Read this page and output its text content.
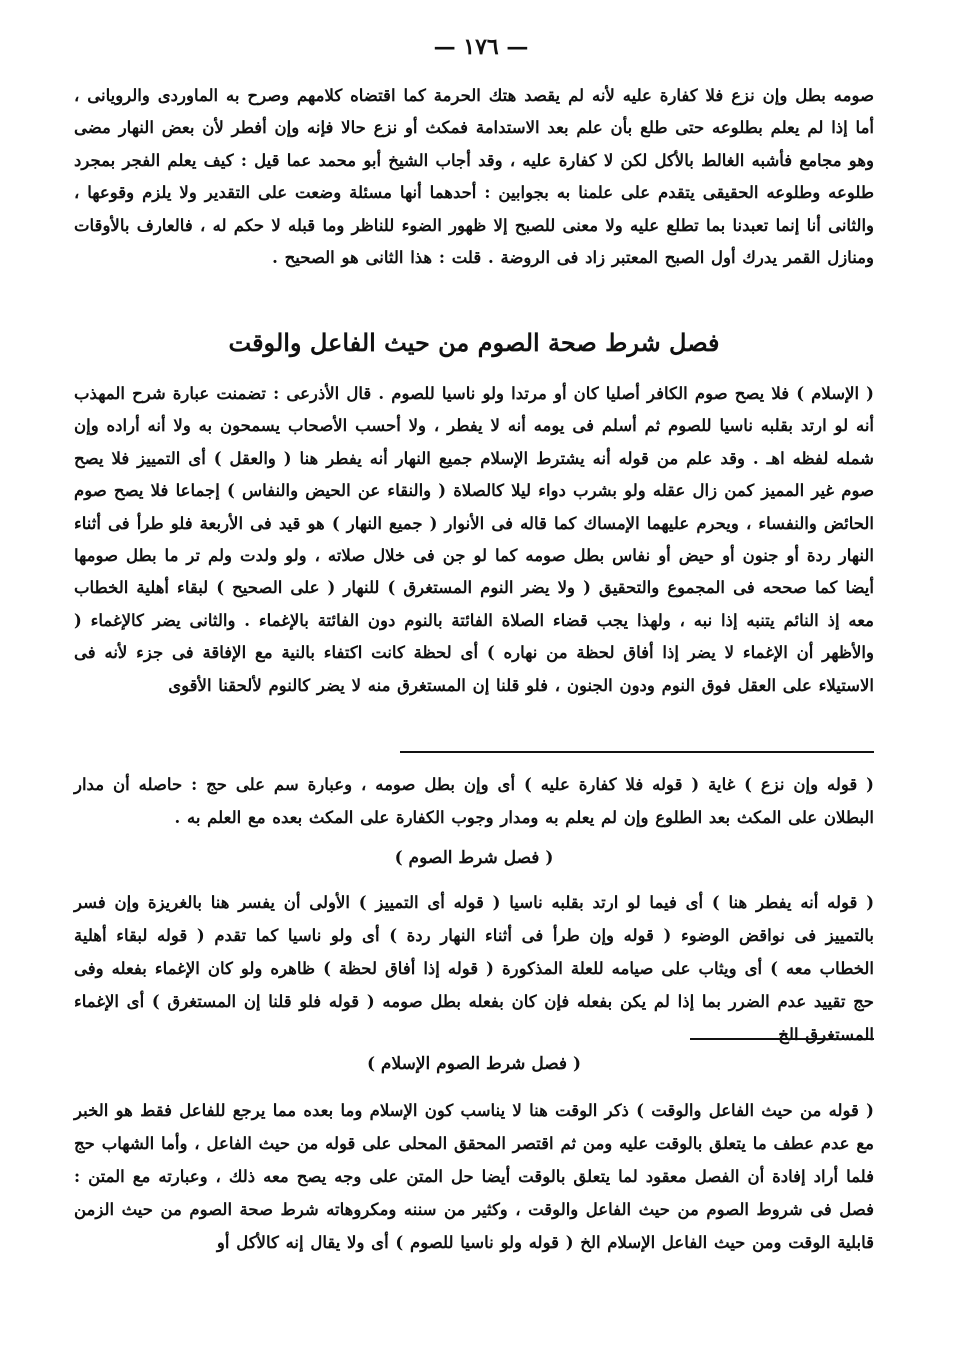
— ١٧٦ —

صومه بطل وإن نزع فلا كفارة عليه لأنه لم يقصد هتك الحرمة كما اقتضاه كلامهم وصرح به الماوردى والرويانى ، أما إذا لم يعلم بطلوعه حتى طلع بأن علم بعد الاستدامة فمكث أو نزع حالا فإنه وإن أفطر لأن بعض النهار مضى وهو مجامع فأشبه الغالط بالأكل لكن لا كفارة عليه ، وقد أجاب الشيخ أبو محمد عما قيل : كيف يعلم الفجر بمجرد طلوعه وطلوعه الحقيقى يتقدم على علمنا به بجوابين : أحدهما أنها مسئلة وضعت على التقدير ولا يلزم وقوعها ، والثانى أنا إنما تعبدنا بما تطلع عليه ولا معنى للصبح إلا ظهور الضوء للناظر وما قبله لا حكم له ، فالعارف بالأوقات ومنازل القمر يدرك أول الصبح المعتبر زاد فى الروضة . قلت : هذا الثانى هو الصحيح .

فصل شرط صحة الصوم من حيث الفاعل والوقت

( الإسلام ) فلا يصح صوم الكافر أصليا كان أو مرتدا ولو ناسيا للصوم . قال الأذرعى : تضمنت عبارة شرح المهذب أنه لو ارتد بقلبه ناسيا للصوم ثم أسلم فى يومه أنه لا يفطر ، ولا أحسب الأصحاب يسمحون به ولا أنه أراده وإن شمله لفظه اهـ . وقد علم من قوله أنه يشترط الإسلام جميع النهار أنه يفطر هنا ( والعقل ) أى التمييز فلا يصح صوم غير المميز كمن زال عقله ولو بشرب دواء ليلا كالصلاة ( والنقاء عن الحيض والنفاس ) إجماعا فلا يصح صوم الحائض والنفساء ، ويحرم عليهما الإمساك كما قاله فى الأنوار ( جميع النهار ) هو قيد فى الأربعة فلو طرأ فى أثناء النهار ردة أو جنون أو حيض أو نفاس بطل صومه كما لو جن فى خلال صلاته ، ولو ولدت ولم تر ما بطل صومها أيضا كما صححه فى المجموع والتحقيق ( ولا يضر النوم المستغرق ) للنهار ( على الصحيح ) لبقاء أهلية الخطاب معه إذ النائم يتنبه إذا نبه ، ولهذا يجب قضاء الصلاة الفائتة بالنوم دون الفائتة بالإغماء . والثانى يضر كالإغماء ( والأظهر أن الإغماء لا يضر إذا أفاق لحظة من نهاره ) أى لحظة كانت اكتفاء بالنية مع الإفاقة فى جزء لأنه فى الاستيلاء على العقل فوق النوم ودون الجنون ، فلو قلنا إن المستغرق منه لا يضر كالنوم لألحقنا الأقوى

( قوله وإن نزع ) غاية ( قوله فلا كفارة عليه ) أى وإن بطل صومه ، وعبارة سم على حج : حاصله أن مدار البطلان على المكث بعد الطلوع وإن لم يعلم به ومدار وجوب الكفارة على المكث بعده مع العلم به .

( فصل شرط الصوم )

( قوله أنه يفطر هنا ) أى فيما لو ارتد بقلبه ناسيا ( قوله أى التمييز ) الأولى أن يفسر هنا بالغريزة وإن فسر بالتمييز فى نواقض الوضوء ( قوله وإن طرأ فى أثناء النهار ردة ) أى ولو ناسيا كما تقدم ( قوله لبقاء أهلية الخطاب معه ) أى ويثاب على صيامه للعلة المذكورة ( قوله إذا أفاق لحظة ) ظاهره ولو كان الإغماء بفعله وفى حج تقييد عدم الضرر بما إذا لم يكن بفعله فإن كان بفعله بطل صومه ( قوله فلو قلنا إن المستغرق ) أى الإغماء المستغرق الخ

( فصل شرط الصوم الإسلام )

( قوله من حيث الفاعل والوقت ) ذكر الوقت هنا لا يناسب كون الإسلام وما بعده مما يرجع للفاعل فقط هو الخبر مع عدم عطف ما يتعلق بالوقت عليه ومن ثم اقتصر المحقق المحلى على قوله من حيث الفاعل ، وأما الشهاب حج فلما أراد إفادة أن الفصل معقود لما يتعلق بالوقت أيضا حل المتن على وجه يصح معه ذلك ، وعبارته مع المتن : فصل فى شروط الصوم من حيث الفاعل والوقت ، وكثير من سننه ومكروهاته شرط صحة الصوم من حيث الزمن قابلية الوقت ومن حيث الفاعل الإسلام الخ ( قوله ولو ناسيا للصوم ) أى ولا يقال إنه كالأكل أو
